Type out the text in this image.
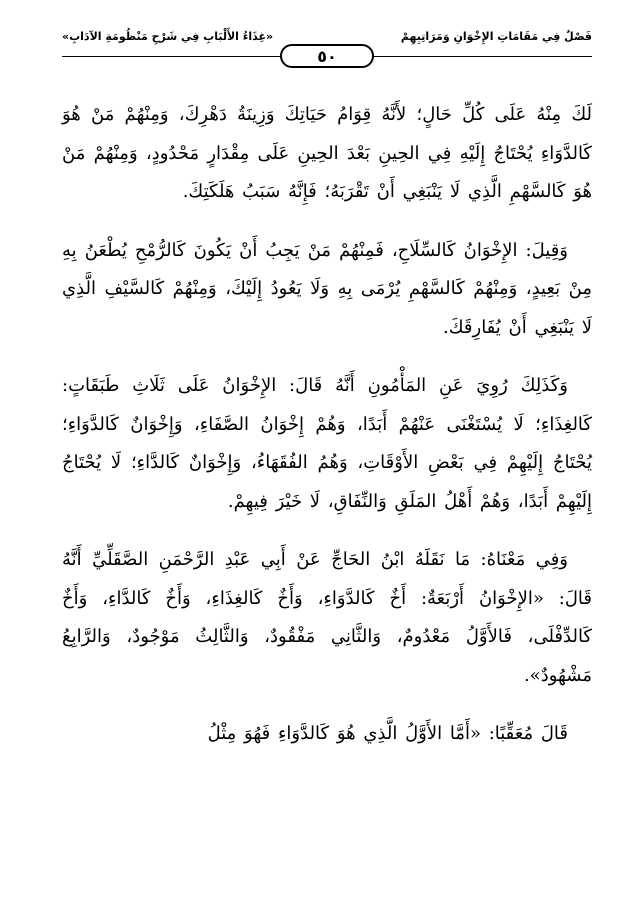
فَصْلٌ فِي مَقَامَاتِ الإِخْوَانِ وَمَرَاتِبِهِمْ
«غِذَاءُ الأَلْبَابِ فِي شَرْحِ مَنْظُومَةِ الآدَابِ»
٥٠

لَكَ مِنْهُ عَلَى كُلِّ حَالٍ؛ لأَنَّهُ قِوَامُ حَيَاتِكَ وَزِينَةُ دَهْرِكَ، وَمِنْهُمْ مَنْ هُوَ كَالدَّوَاءِ يُحْتَاجُ إِلَيْهِ فِي الحِينِ بَعْدَ الحِينِ عَلَى مِقْدَارٍ مَحْدُودٍ، وَمِنْهُمْ مَنْ هُوَ كَالسَّهْمِ الَّذِي لَا يَنْبَغِي أَنْ تَقْرَبَهُ؛ فَإِنَّهُ سَبَبُ هَلَكَتِكَ.

وَقِيلَ: الإِخْوَانُ كَالسِّلَاحِ، فَمِنْهُمْ مَنْ يَجِبُ أَنْ يَكُونَ كَالرُّمْحِ يُطْعَنُ بِهِ مِنْ بَعِيدٍ، وَمِنْهُمْ كَالسَّهْمِ يُرْمَى بِهِ وَلَا يَعُودُ إِلَيْكَ، وَمِنْهُمْ كَالسَّيْفِ الَّذِي لَا يَنْبَغِي أَنْ يُفَارِقَكَ.

وَكَذَلِكَ رُوِيَ عَنِ المَأْمُونِ أَنَّهُ قَالَ: الإِخْوَانُ عَلَى ثَلَاثِ طَبَقَاتٍ: كَالغِذَاءِ؛ لَا يُسْتَغْنَى عَنْهُمْ أَبَدًا، وَهُمْ إِخْوَانُ الصَّفَاءِ، وَإِخْوَانٌ كَالدَّوَاءِ؛ يُحْتَاجُ إِلَيْهِمْ فِي بَعْضِ الأَوْقَاتِ، وَهُمُ الفُقَهَاءُ، وَإِخْوَانٌ كَالدَّاءِ؛ لَا يُحْتَاجُ إِلَيْهِمْ أَبَدًا، وَهُمْ أَهْلُ المَلَقِ وَالنِّفَاقِ، لَا خَيْرَ فِيهِمْ.

وَفِي مَعْنَاهُ: مَا نَقَلَهُ ابْنُ الحَاجِّ عَنْ أَبِي عَبْدِ الرَّحْمَنِ الصَّقَلِّيِّ أَنَّهُ قَالَ: «الإِخْوَانُ أَرْبَعَةٌ: أَخٌ كَالدَّوَاءِ، وَأَخٌ كَالغِذَاءِ، وَأَخٌ كَالدَّاءِ، وَأَخٌ كَالدِّفْلَى، فَالأَوَّلُ مَعْدُومٌ، وَالثَّانِي مَفْقُودٌ، وَالثَّالِثُ مَوْجُودٌ، وَالرَّابِعُ مَشْهُودٌ».

قَالَ مُعَقِّبًا: «أَمَّا الأَوَّلُ الَّذِي هُوَ كَالدَّوَاءِ فَهُوَ مِثْلُ
